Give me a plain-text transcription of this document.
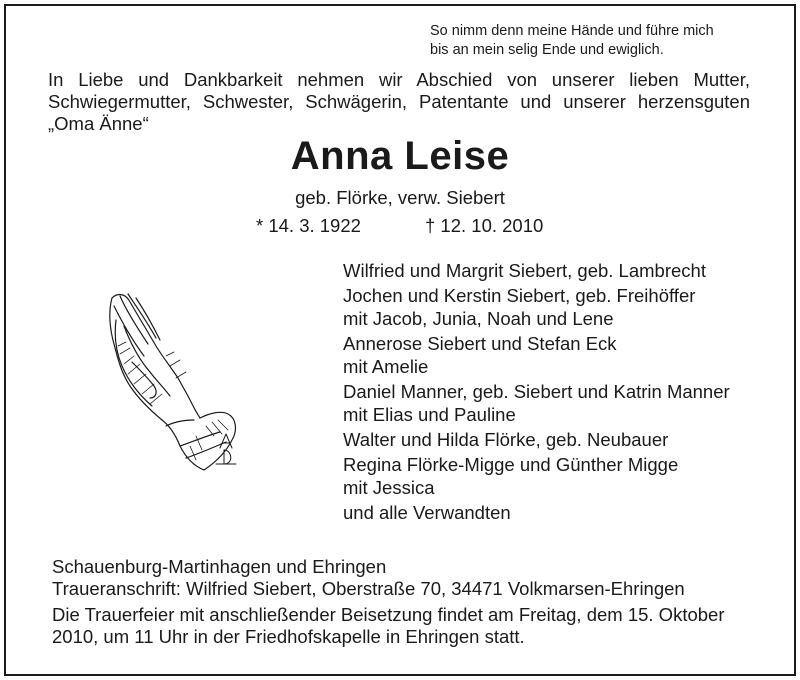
So nimm denn meine Hände und führe mich
bis an mein selig Ende und ewiglich.
In Liebe und Dankbarkeit nehmen wir Abschied von unserer lieben Mutter, Schwiegermutter, Schwester, Schwägerin, Patentante und unserer herzensguten „Oma Änne“
Anna Leise
geb. Flörke, verw. Siebert
* 14. 3. 1922	† 12. 10. 2010
Wilfried und Margrit Siebert, geb. Lambrecht
Jochen und Kerstin Siebert, geb. Freihöffer
mit Jacob, Junia, Noah und Lene
Annerose Siebert und Stefan Eck
mit Amelie
Daniel Manner, geb. Siebert und Katrin Manner
mit Elias und Pauline
Walter und Hilda Flörke, geb. Neubauer
Regina Flörke-Migge und Günther Migge
mit Jessica
und alle Verwandten
Schauenburg-Martinhagen und Ehringen
Traueranschrift: Wilfried Siebert, Oberstraße 70, 34471 Volkmarsen-Ehringen
Die Trauerfeier mit anschließender Beisetzung findet am Freitag, dem 15. Oktober 2010, um 11 Uhr in der Friedhofskapelle in Ehringen statt.
